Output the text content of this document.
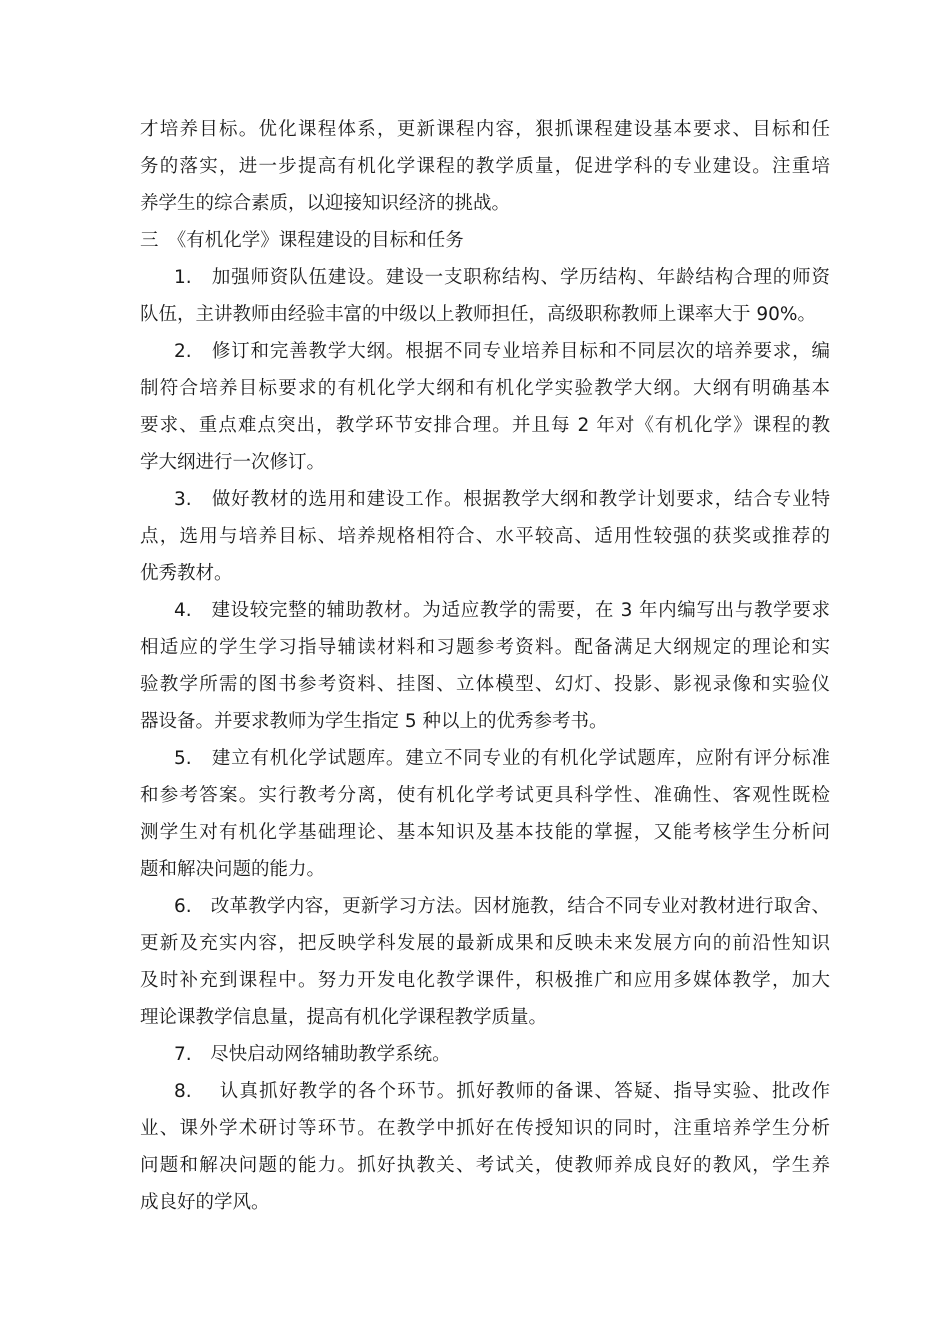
才培养目标。优化课程体系，更新课程内容，狠抓课程建设基本要求、目标和任
务的落实，进一步提高有机化学课程的教学质量，促进学科的专业建设。注重培
养学生的综合素质，以迎接知识经济的挑战。
三　《有机化学》课程建设的目标和任务
1.　加强师资队伍建设。建设一支职称结构、学历结构、年龄结构合理的师资
队伍，主讲教师由经验丰富的中级以上教师担任，高级职称教师上课率大于 90%。
2.　修订和完善教学大纲。根据不同专业培养目标和不同层次的培养要求，编
制符合培养目标要求的有机化学大纲和有机化学实验教学大纲。大纲有明确基本
要求、重点难点突出，教学环节安排合理。并且每 2 年对《有机化学》课程的教
学大纲进行一次修订。
3.　做好教材的选用和建设工作。根据教学大纲和教学计划要求，结合专业特
点，选用与培养目标、培养规格相符合、水平较高、适用性较强的获奖或推荐的
优秀教材。
4.　建设较完整的辅助教材。为适应教学的需要，在 3 年内编写出与教学要求
相适应的学生学习指导辅读材料和习题参考资料。配备满足大纲规定的理论和实
验教学所需的图书参考资料、挂图、立体模型、幻灯、投影、影视录像和实验仪
器设备。并要求教师为学生指定 5 种以上的优秀参考书。
5.　建立有机化学试题库。建立不同专业的有机化学试题库，应附有评分标准
和参考答案。实行教考分离，使有机化学考试更具科学性、准确性、客观性既检
测学生对有机化学基础理论、基本知识及基本技能的掌握，又能考核学生分析问
题和解决问题的能力。
6.　改革教学内容，更新学习方法。因材施教，结合不同专业对教材进行取舍、
更新及充实内容，把反映学科发展的最新成果和反映未来发展方向的前沿性知识
及时补充到课程中。努力开发电化教学课件，积极推广和应用多媒体教学，加大
理论课教学信息量，提高有机化学课程教学质量。
7.　尽快启动网络辅助教学系统。
8.　 认真抓好教学的各个环节。抓好教师的备课、答疑、指导实验、批改作
业、课外学术研讨等环节。在教学中抓好在传授知识的同时，注重培养学生分析
问题和解决问题的能力。抓好执教关、考试关，使教师养成良好的教风，学生养
成良好的学风。
